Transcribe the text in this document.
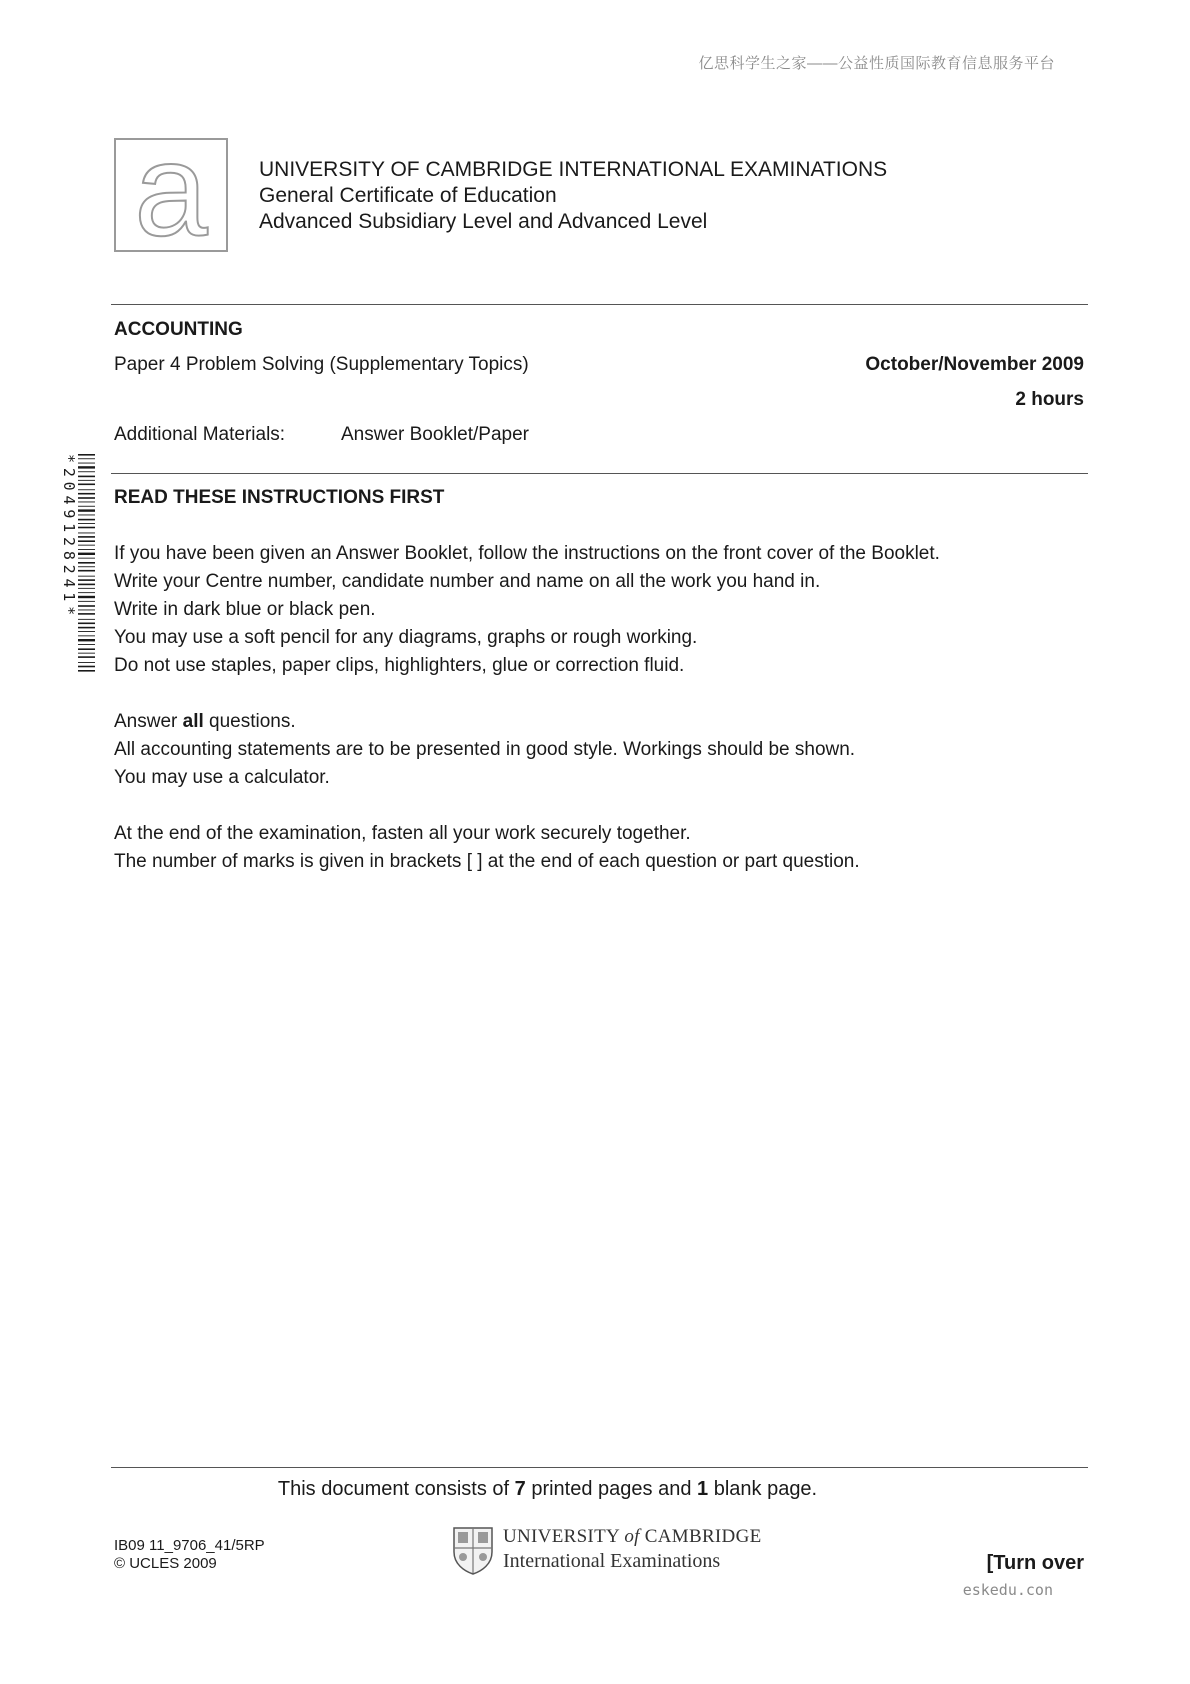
亿思科学生之家——公益性质国际教育信息服务平台
a UNIVERSITY OF CAMBRIDGE INTERNATIONAL EXAMINATIONS
General Certificate of Education
Advanced Subsidiary Level and Advanced Level
ACCOUNTING
Paper 4 Problem Solving (Supplementary Topics)	October/November 2009
2 hours
Additional Materials:	Answer Booklet/Paper
*2049128241* READ THESE INSTRUCTIONS FIRST
If you have been given an Answer Booklet, follow the instructions on the front cover of the Booklet.
Write your Centre number, candidate number and name on all the work you hand in.
Write in dark blue or black pen.
You may use a soft pencil for any diagrams, graphs or rough working.
Do not use staples, paper clips, highlighters, glue or correction fluid.
Answer all questions.
All accounting statements are to be presented in good style. Workings should be shown.
You may use a calculator.
At the end of the examination, fasten all your work securely together.
The number of marks is given in brackets [ ] at the end of each question or part question.
This document consists of 7 printed pages and 1 blank page.
IB09 11_9706_41/5RP
© UCLES 2009
UNIVERSITY of CAMBRIDGE
International Examinations	[Turn over
eskedu.con
